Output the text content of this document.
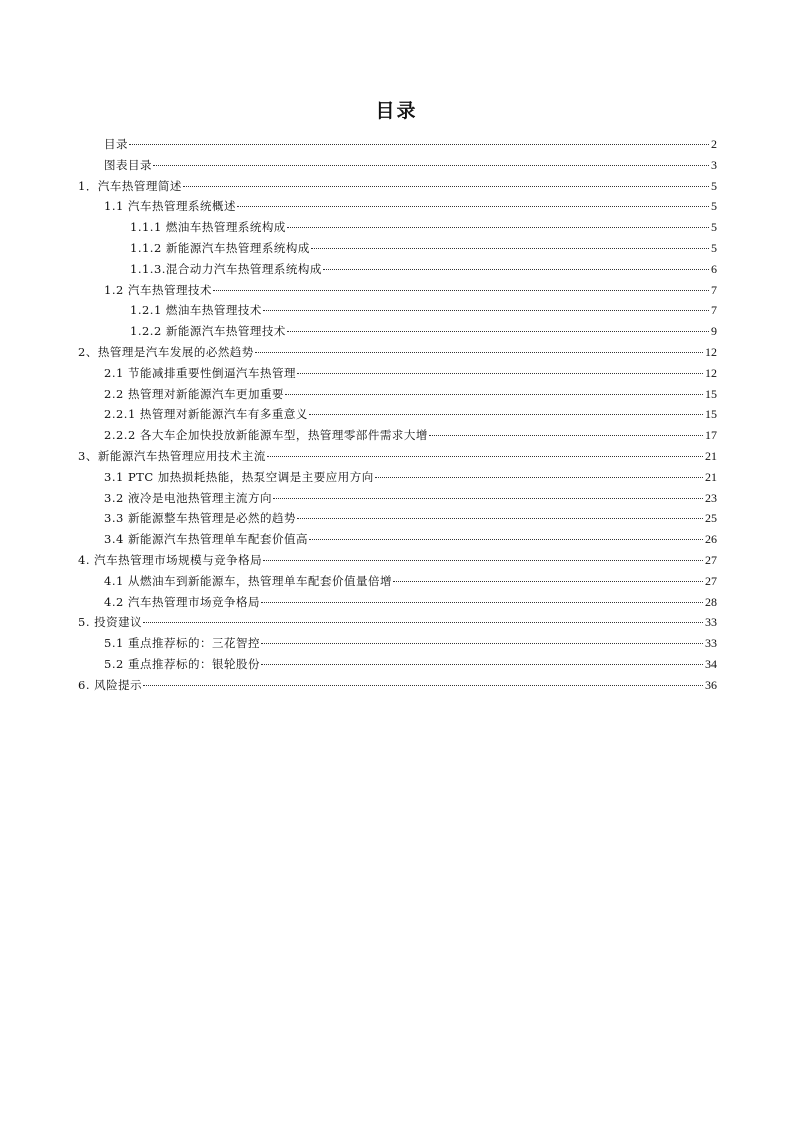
目录
目录	2
图表目录	3
1．汽车热管理简述	5
1.1 汽车热管理系统概述	5
1.1.1 燃油车热管理系统构成	5
1.1.2 新能源汽车热管理系统构成	5
1.1.3.混合动力汽车热管理系统构成	6
1.2 汽车热管理技术	7
1.2.1 燃油车热管理技术	7
1.2.2 新能源汽车热管理技术	9
2、热管理是汽车发展的必然趋势	12
2.1 节能减排重要性倒逼汽车热管理	12
2.2 热管理对新能源汽车更加重要	15
2.2.1 热管理对新能源汽车有多重意义	15
2.2.2 各大车企加快投放新能源车型，热管理零部件需求大增	17
3、新能源汽车热管理应用技术主流	21
3.1 PTC 加热损耗热能，热泵空调是主要应用方向	21
3.2 液冷是电池热管理主流方向	23
3.3 新能源整车热管理是必然的趋势	25
3.4 新能源汽车热管理单车配套价值高	26
4. 汽车热管理市场规模与竞争格局	27
4.1 从燃油车到新能源车，热管理单车配套价值量倍增	27
4.2 汽车热管理市场竞争格局	28
5. 投资建议	33
5.1 重点推荐标的：三花智控	33
5.2 重点推荐标的：银轮股份	34
6. 风险提示	36
